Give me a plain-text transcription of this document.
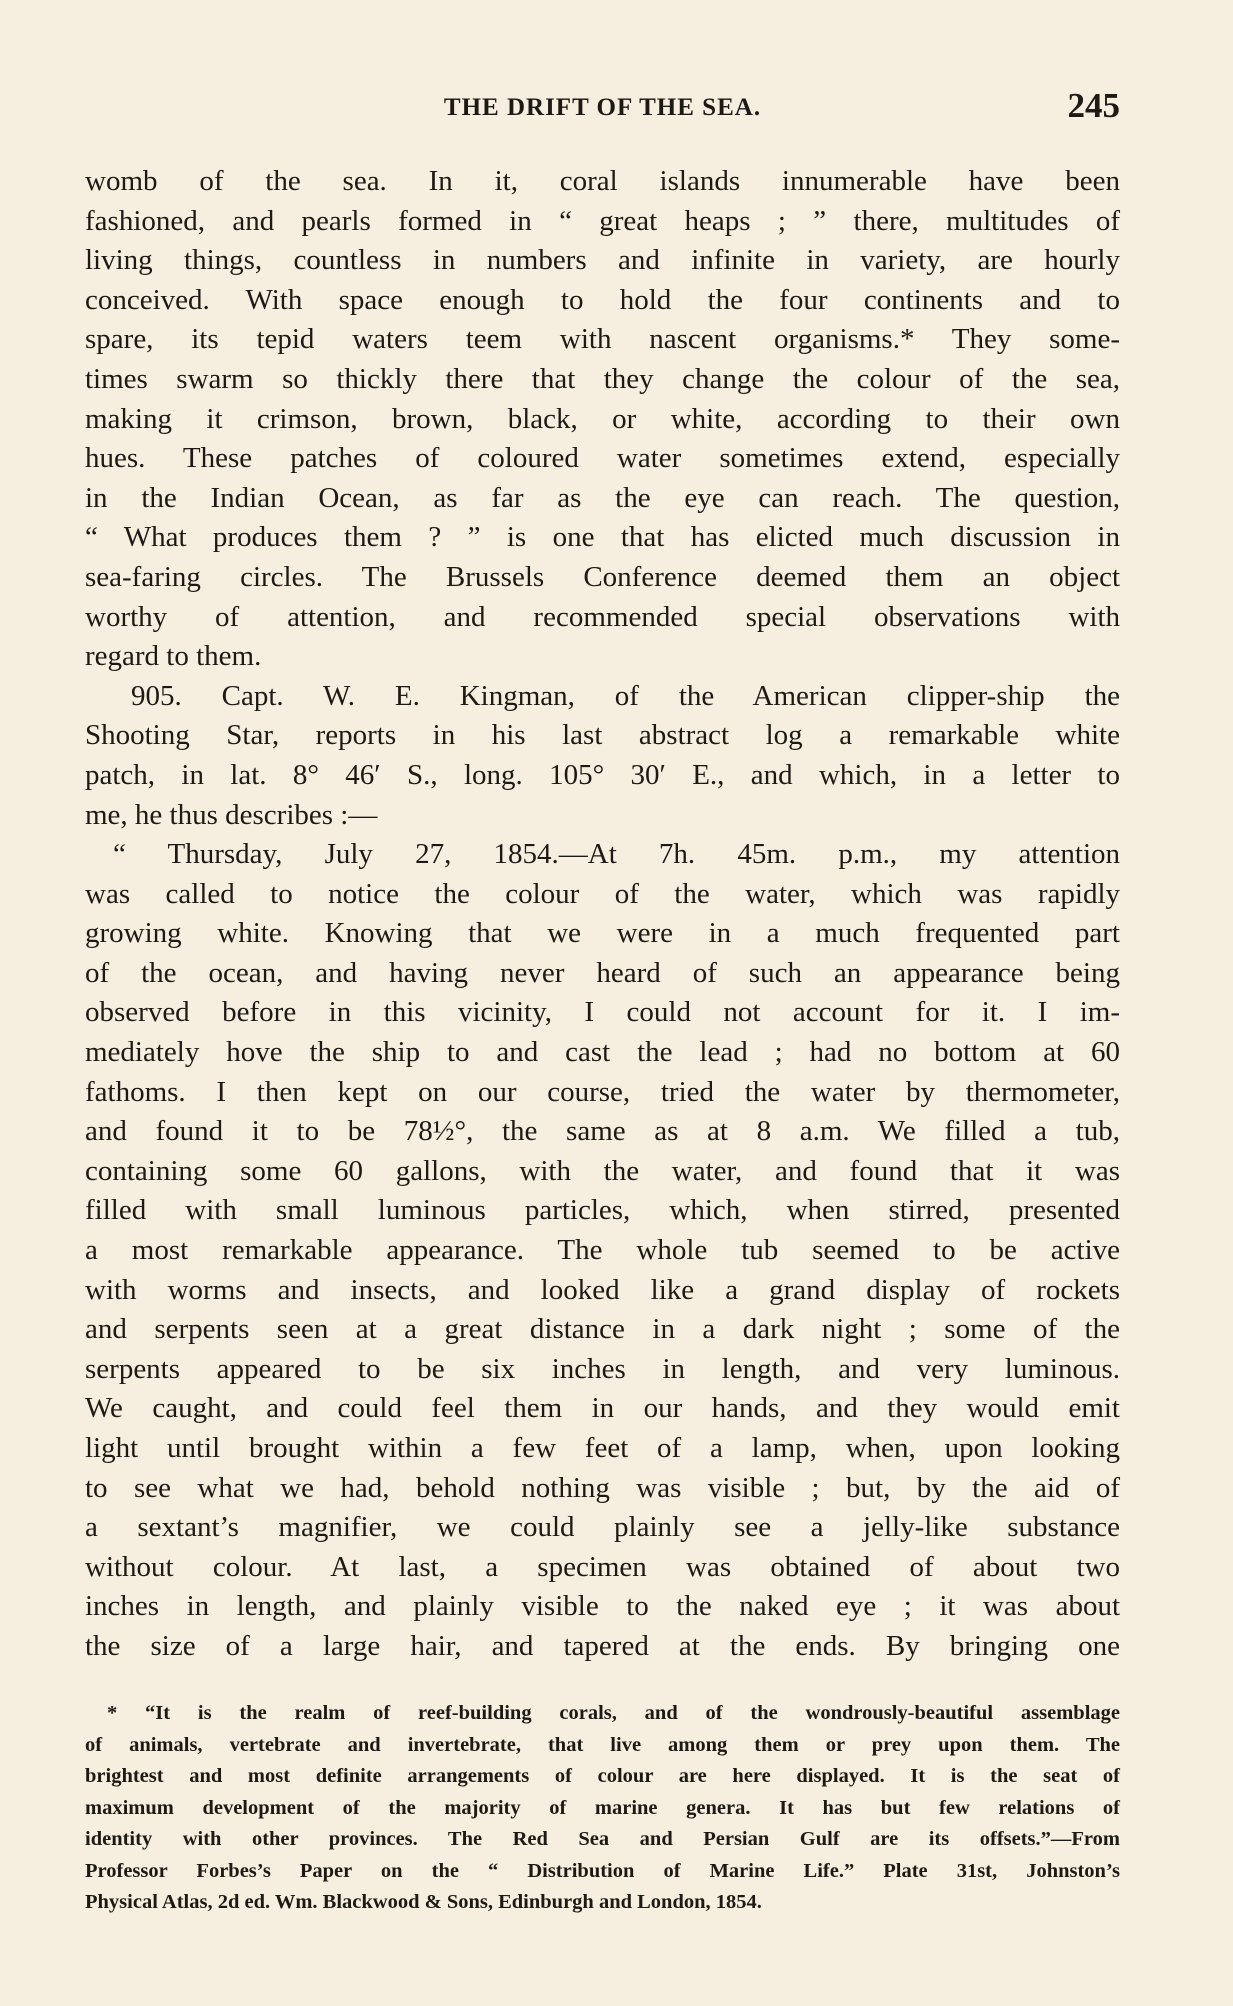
THE DRIFT OF THE SEA.	245
womb of the sea. In it, coral islands innumerable have been
fashioned, and pearls formed in “ great heaps ; ” there, multitudes of
living things, countless in numbers and infinite in variety, are hourly
conceived. With space enough to hold the four continents and to
spare, its tepid waters teem with nascent organisms.* They some-
times swarm so thickly there that they change the colour of the sea,
making it crimson, brown, black, or white, according to their own
hues. These patches of coloured water sometimes extend, especially
in the Indian Ocean, as far as the eye can reach. The question,
“ What produces them ? ” is one that has elicted much discussion in
sea-faring circles. The Brussels Conference deemed them an object
worthy of attention, and recommended special observations with
regard to them.
905. Capt. W. E. Kingman, of the American clipper-ship the
Shooting Star, reports in his last abstract log a remarkable white
patch, in lat. 8° 46′ S., long. 105° 30′ E., and which, in a letter to
me, he thus describes :—
“ Thursday, July 27, 1854.—At 7h. 45m. p.m., my attention
was called to notice the colour of the water, which was rapidly
growing white. Knowing that we were in a much frequented part
of the ocean, and having never heard of such an appearance being
observed before in this vicinity, I could not account for it. I im-
mediately hove the ship to and cast the lead ; had no bottom at 60
fathoms. I then kept on our course, tried the water by thermometer,
and found it to be 78½°, the same as at 8 a.m. We filled a tub,
containing some 60 gallons, with the water, and found that it was
filled with small luminous particles, which, when stirred, presented
a most remarkable appearance. The whole tub seemed to be active
with worms and insects, and looked like a grand display of rockets
and serpents seen at a great distance in a dark night ; some of the
serpents appeared to be six inches in length, and very luminous.
We caught, and could feel them in our hands, and they would emit
light until brought within a few feet of a lamp, when, upon looking
to see what we had, behold nothing was visible ; but, by the aid of
a sextant’s magnifier, we could plainly see a jelly-like substance
without colour. At last, a specimen was obtained of about two
inches in length, and plainly visible to the naked eye ; it was about
the size of a large hair, and tapered at the ends. By bringing one
* “It is the realm of reef-building corals, and of the wondrously-beautiful assemblage
of animals, vertebrate and invertebrate, that live among them or prey upon them. The
brightest and most definite arrangements of colour are here displayed. It is the seat of
maximum development of the majority of marine genera. It has but few relations of
identity with other provinces. The Red Sea and Persian Gulf are its offsets.”—From
Professor Forbes’s Paper on the “ Distribution of Marine Life.” Plate 31st, Johnston’s
Physical Atlas, 2d ed. Wm. Blackwood & Sons, Edinburgh and London, 1854.
